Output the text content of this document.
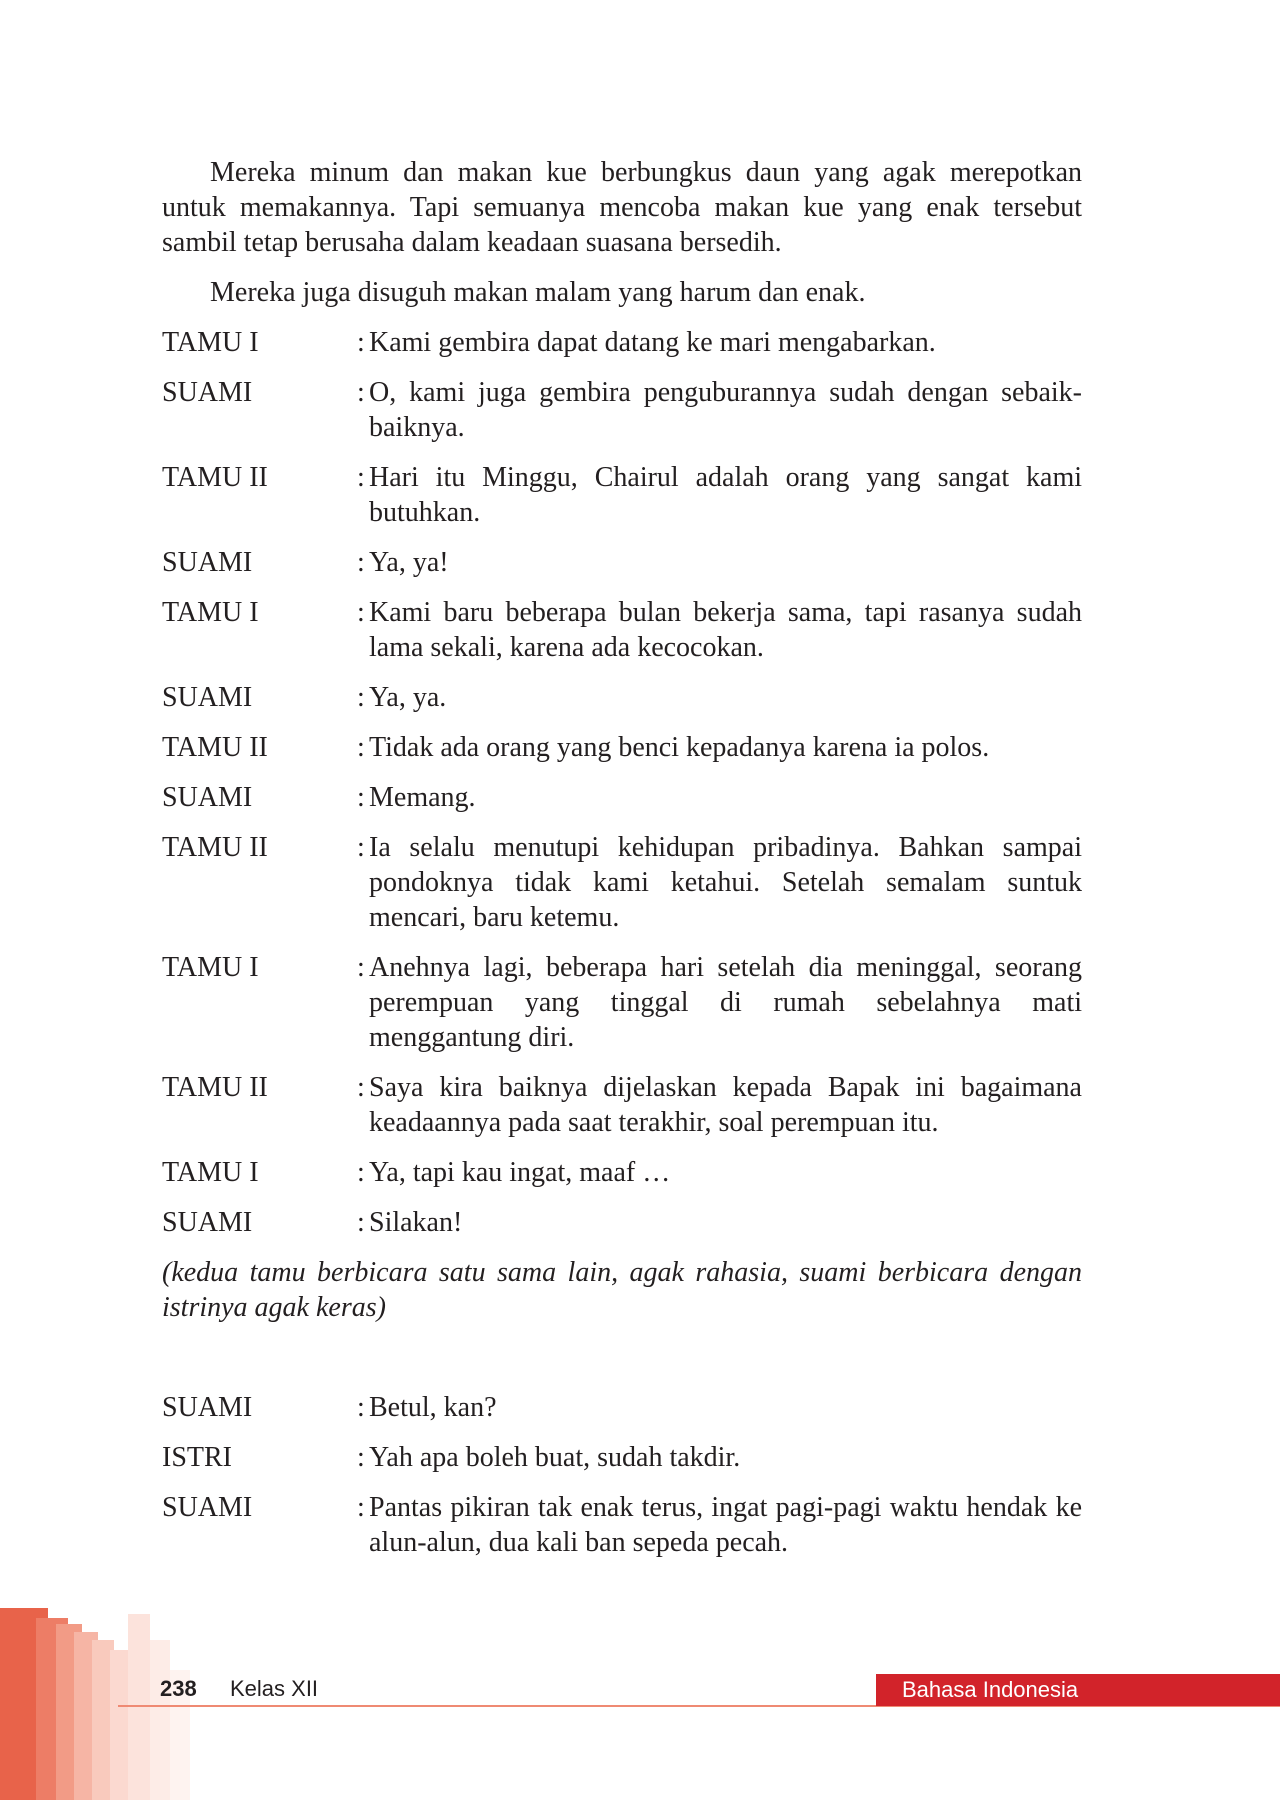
Mereka minum dan makan kue berbungkus daun yang agak merepotkan untuk memakannya. Tapi semuanya mencoba makan kue yang enak tersebut sambil tetap berusaha dalam keadaan suasana bersedih.

Mereka juga disuguh makan malam yang harum dan enak.

TAMU I	: Kami gembira dapat datang ke mari mengabarkan.
SUAMI	: O, kami juga gembira penguburannya sudah dengan sebaik-baiknya.
TAMU II	: Hari itu Minggu, Chairul adalah orang yang sangat kami butuhkan.
SUAMI	: Ya, ya!
TAMU I	: Kami baru beberapa bulan bekerja sama, tapi rasanya sudah lama sekali, karena ada kecocokan.
SUAMI	: Ya, ya.
TAMU II	: Tidak ada orang yang benci kepadanya karena ia polos.
SUAMI	: Memang.
TAMU II	: Ia selalu menutupi kehidupan pribadinya. Bahkan sampai pondoknya tidak kami ketahui. Setelah semalam suntuk mencari, baru ketemu.
TAMU I	: Anehnya lagi, beberapa hari setelah dia meninggal, seorang perempuan yang tinggal di rumah sebelahnya mati menggantung diri.
TAMU II	: Saya kira baiknya dijelaskan kepada Bapak ini bagaimana keadaannya pada saat terakhir, soal perempuan itu.
TAMU I	: Ya, tapi kau ingat, maaf …
SUAMI	: Silakan!

(kedua tamu berbicara satu sama lain, agak rahasia, suami berbicara dengan istrinya agak keras)

SUAMI	: Betul, kan?
ISTRI	: Yah apa boleh buat, sudah takdir.
SUAMI	: Pantas pikiran tak enak terus, ingat pagi-pagi waktu hendak ke alun-alun, dua kali ban sepeda pecah.
238 Kelas XII	Bahasa Indonesia
